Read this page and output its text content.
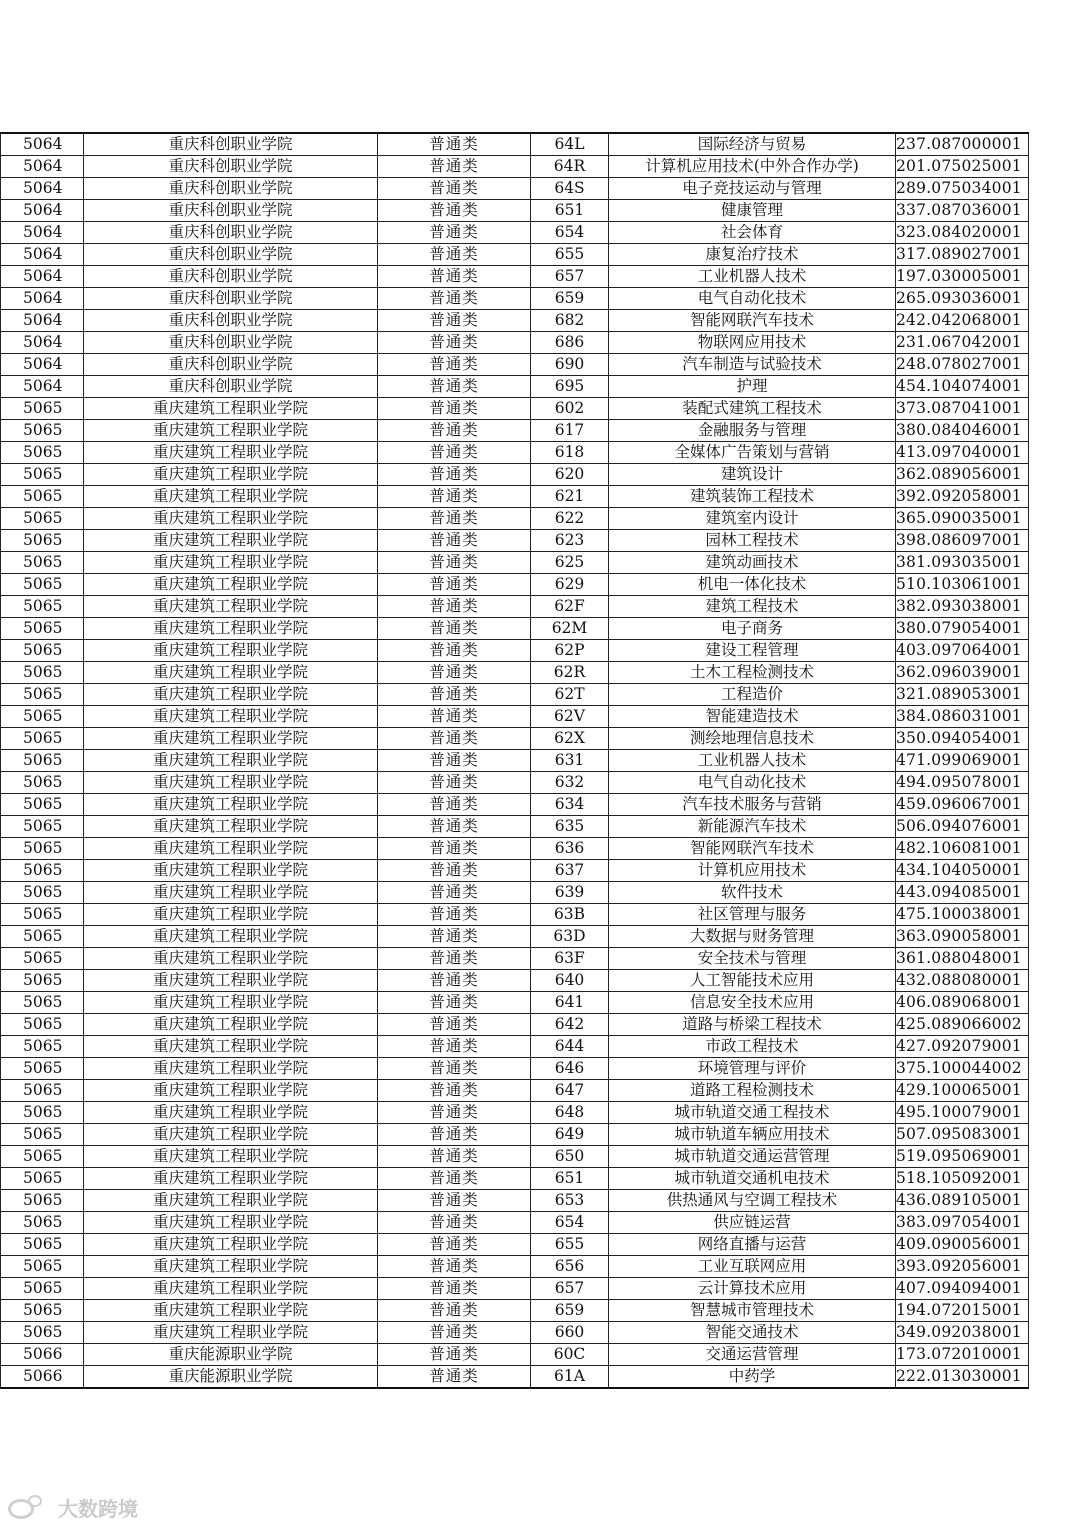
5064	重庆科创职业学院	普通类	64L	国际经济与贸易	237.087000001
5064	重庆科创职业学院	普通类	64R	计算机应用技术(中外合作办学)	201.075025001
5064	重庆科创职业学院	普通类	64S	电子竞技运动与管理	289.075034001
5064	重庆科创职业学院	普通类	651	健康管理	337.087036001
5064	重庆科创职业学院	普通类	654	社会体育	323.084020001
5064	重庆科创职业学院	普通类	655	康复治疗技术	317.089027001
5064	重庆科创职业学院	普通类	657	工业机器人技术	197.030005001
5064	重庆科创职业学院	普通类	659	电气自动化技术	265.093036001
5064	重庆科创职业学院	普通类	682	智能网联汽车技术	242.042068001
5064	重庆科创职业学院	普通类	686	物联网应用技术	231.067042001
5064	重庆科创职业学院	普通类	690	汽车制造与试验技术	248.078027001
5064	重庆科创职业学院	普通类	695	护理	454.104074001
5065	重庆建筑工程职业学院	普通类	602	装配式建筑工程技术	373.087041001
5065	重庆建筑工程职业学院	普通类	617	金融服务与管理	380.084046001
5065	重庆建筑工程职业学院	普通类	618	全媒体广告策划与营销	413.097040001
5065	重庆建筑工程职业学院	普通类	620	建筑设计	362.089056001
5065	重庆建筑工程职业学院	普通类	621	建筑装饰工程技术	392.092058001
5065	重庆建筑工程职业学院	普通类	622	建筑室内设计	365.090035001
5065	重庆建筑工程职业学院	普通类	623	园林工程技术	398.086097001
5065	重庆建筑工程职业学院	普通类	625	建筑动画技术	381.093035001
5065	重庆建筑工程职业学院	普通类	629	机电一体化技术	510.103061001
5065	重庆建筑工程职业学院	普通类	62F	建筑工程技术	382.093038001
5065	重庆建筑工程职业学院	普通类	62M	电子商务	380.079054001
5065	重庆建筑工程职业学院	普通类	62P	建设工程管理	403.097064001
5065	重庆建筑工程职业学院	普通类	62R	土木工程检测技术	362.096039001
5065	重庆建筑工程职业学院	普通类	62T	工程造价	321.089053001
5065	重庆建筑工程职业学院	普通类	62V	智能建造技术	384.086031001
5065	重庆建筑工程职业学院	普通类	62X	测绘地理信息技术	350.094054001
5065	重庆建筑工程职业学院	普通类	631	工业机器人技术	471.099069001
5065	重庆建筑工程职业学院	普通类	632	电气自动化技术	494.095078001
5065	重庆建筑工程职业学院	普通类	634	汽车技术服务与营销	459.096067001
5065	重庆建筑工程职业学院	普通类	635	新能源汽车技术	506.094076001
5065	重庆建筑工程职业学院	普通类	636	智能网联汽车技术	482.106081001
5065	重庆建筑工程职业学院	普通类	637	计算机应用技术	434.104050001
5065	重庆建筑工程职业学院	普通类	639	软件技术	443.094085001
5065	重庆建筑工程职业学院	普通类	63B	社区管理与服务	475.100038001
5065	重庆建筑工程职业学院	普通类	63D	大数据与财务管理	363.090058001
5065	重庆建筑工程职业学院	普通类	63F	安全技术与管理	361.088048001
5065	重庆建筑工程职业学院	普通类	640	人工智能技术应用	432.088080001
5065	重庆建筑工程职业学院	普通类	641	信息安全技术应用	406.089068001
5065	重庆建筑工程职业学院	普通类	642	道路与桥梁工程技术	425.089066002
5065	重庆建筑工程职业学院	普通类	644	市政工程技术	427.092079001
5065	重庆建筑工程职业学院	普通类	646	环境管理与评价	375.100044002
5065	重庆建筑工程职业学院	普通类	647	道路工程检测技术	429.100065001
5065	重庆建筑工程职业学院	普通类	648	城市轨道交通工程技术	495.100079001
5065	重庆建筑工程职业学院	普通类	649	城市轨道车辆应用技术	507.095083001
5065	重庆建筑工程职业学院	普通类	650	城市轨道交通运营管理	519.095069001
5065	重庆建筑工程职业学院	普通类	651	城市轨道交通机电技术	518.105092001
5065	重庆建筑工程职业学院	普通类	653	供热通风与空调工程技术	436.089105001
5065	重庆建筑工程职业学院	普通类	654	供应链运营	383.097054001
5065	重庆建筑工程职业学院	普通类	655	网络直播与运营	409.090056001
5065	重庆建筑工程职业学院	普通类	656	工业互联网应用	393.092056001
5065	重庆建筑工程职业学院	普通类	657	云计算技术应用	407.094094001
5065	重庆建筑工程职业学院	普通类	659	智慧城市管理技术	194.072015001
5065	重庆建筑工程职业学院	普通类	660	智能交通技术	349.092038001
5066	重庆能源职业学院	普通类	60C	交通运营管理	173.072010001
5066	重庆能源职业学院	普通类	61A	中药学	222.013030001
大数跨境
